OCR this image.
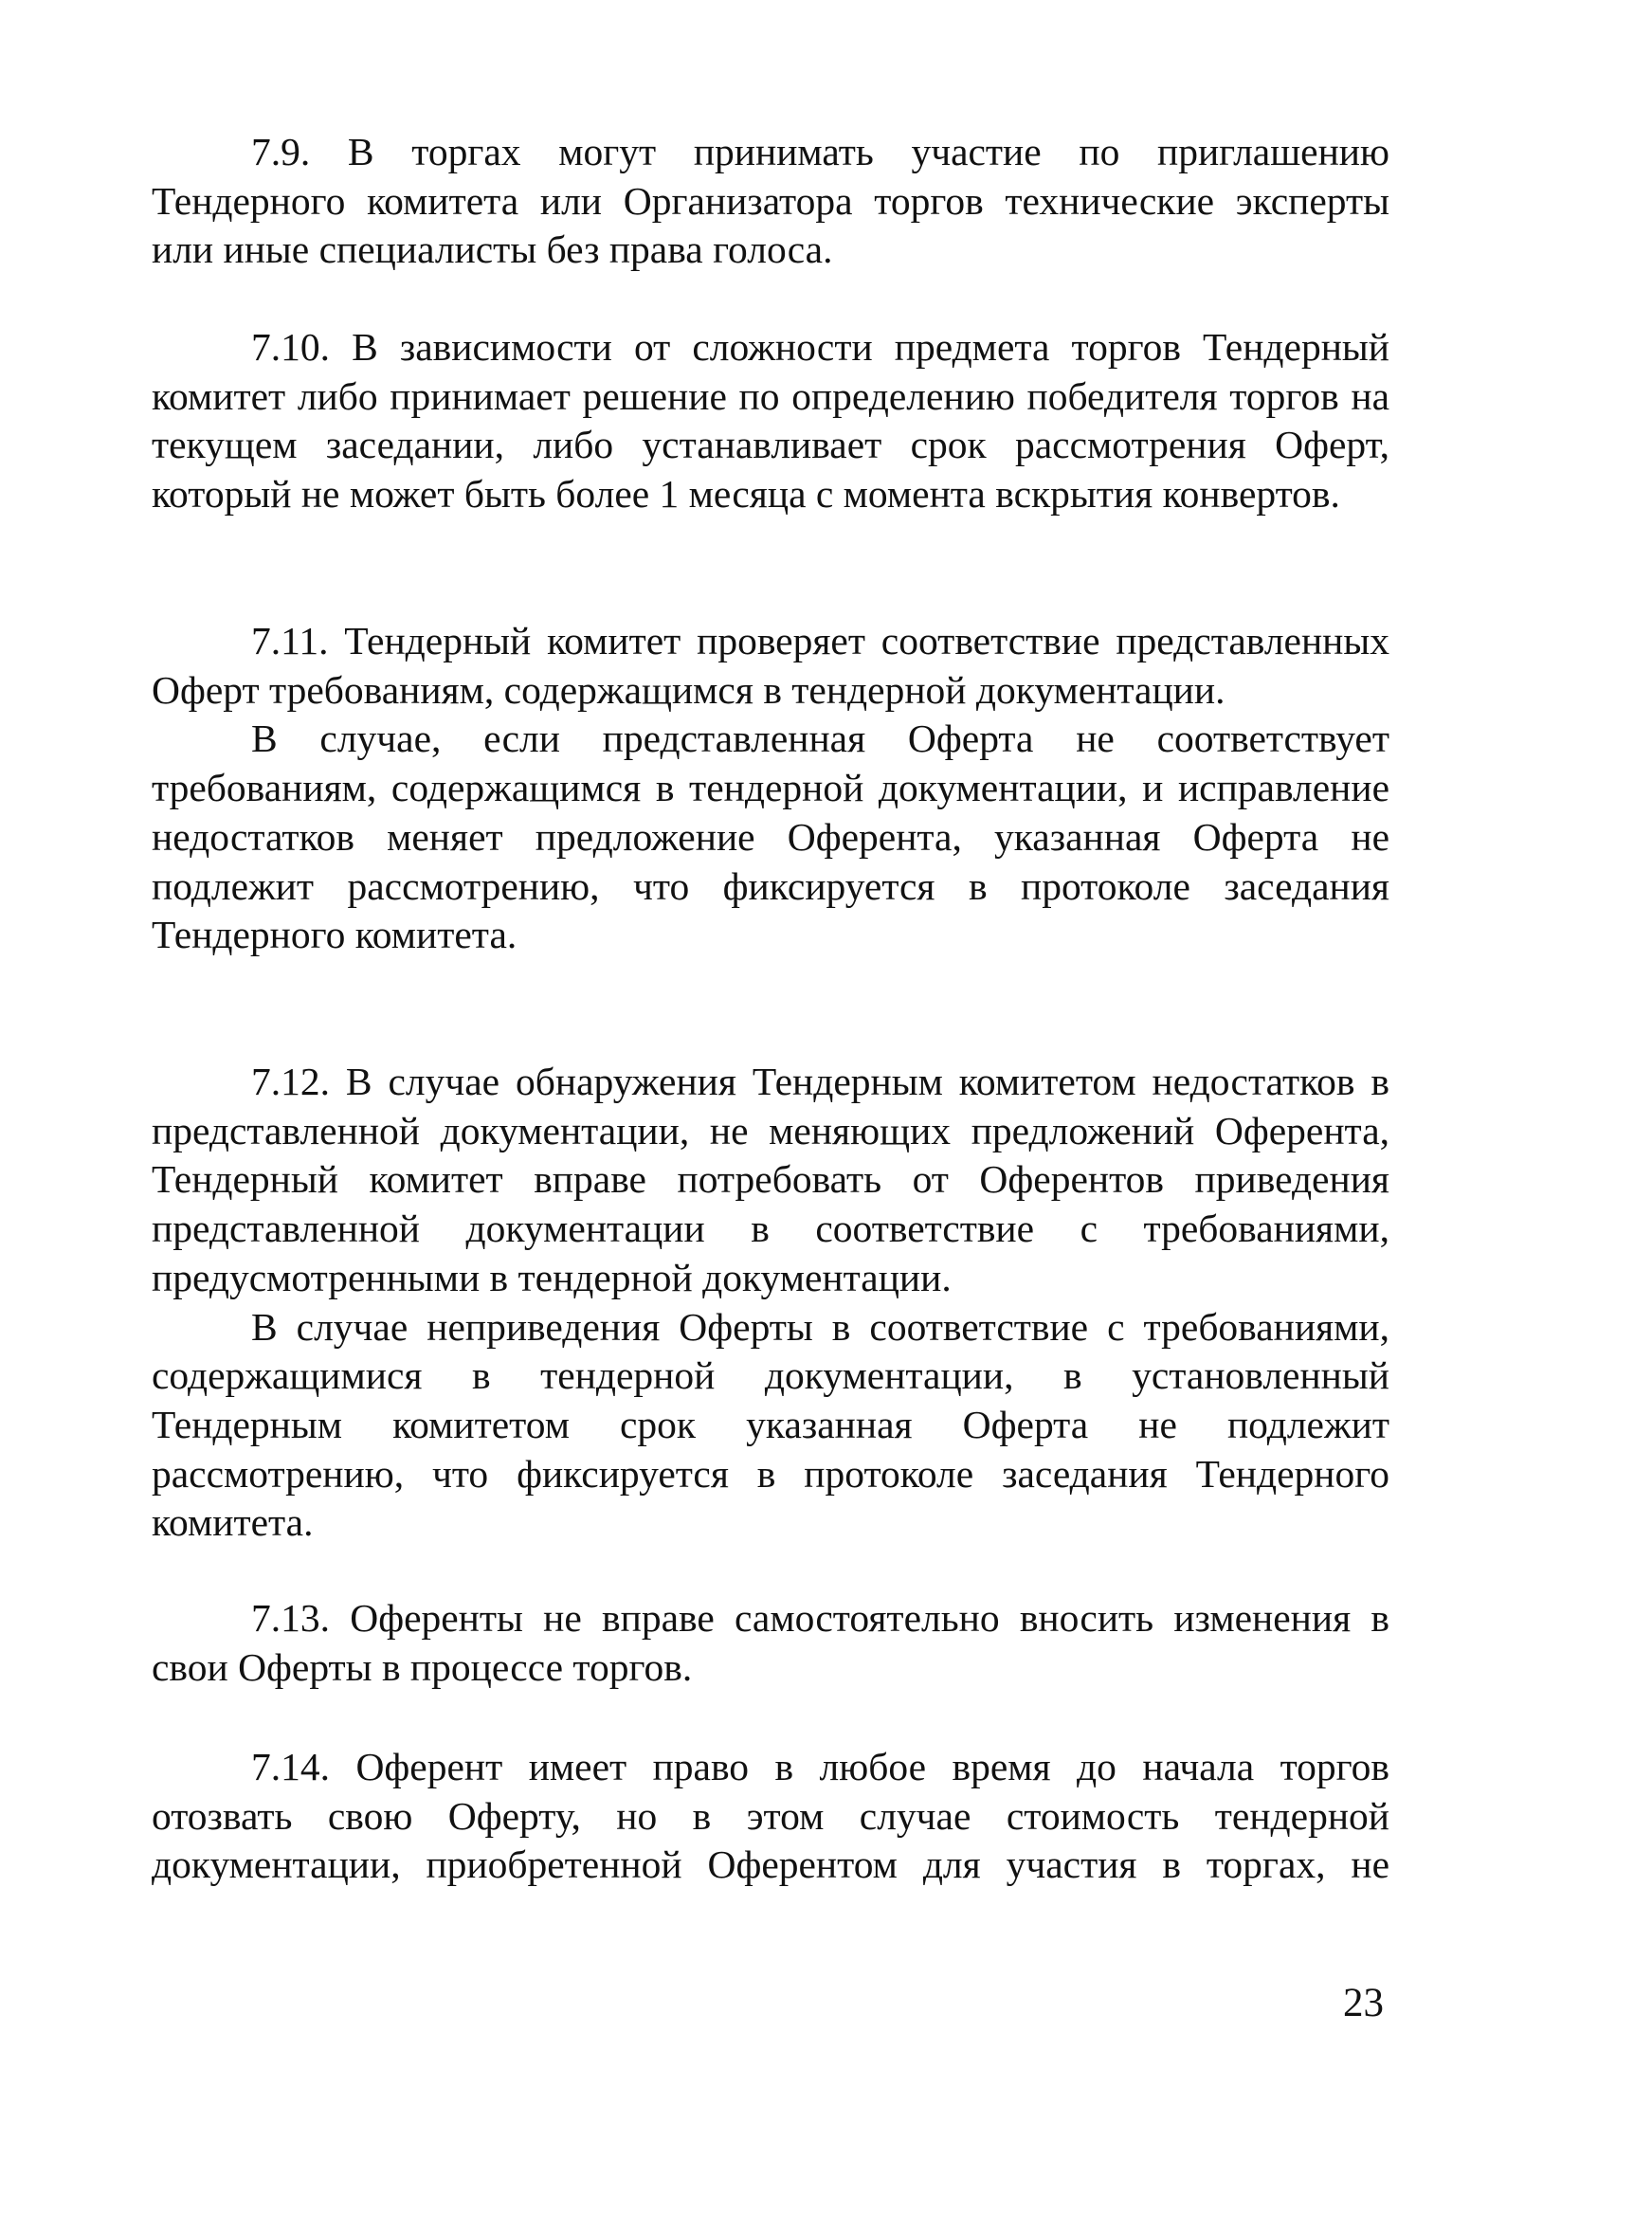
7.9. В торгах могут принимать участие по приглашению Тендерного комитета или Организатора торгов технические эксперты или иные специалисты без права голоса.

7.10. В зависимости от сложности предмета торгов Тендерный комитет либо принимает решение по определению победителя торгов на текущем заседании, либо устанавливает срок рассмотрения Оферт, который не может быть более 1 месяца с момента вскрытия конвертов.

7.11. Тендерный комитет проверяет соответствие представленных Оферт требованиям, содержащимся в тендерной документации.

В случае, если представленная Оферта не соответствует требованиям, содержащимся в тендерной документации, и исправление недостатков меняет предложение Оферента, указанная Оферта не подлежит рассмотрению, что фиксируется в протоколе заседания Тендерного комитета.

7.12. В случае обнаружения Тендерным комитетом недостатков в представленной документации, не меняющих предложений Оферента, Тендерный комитет вправе потребовать от Оферентов приведения представленной документации в соответствие с требованиями, предусмотренными в тендерной документации.

В случае неприведения Оферты в соответствие с требованиями, содержащимися в тендерной документации, в установленный Тендерным комитетом срок указанная Оферта не подлежит рассмотрению, что фиксируется в протоколе заседания Тендерного комитета.

7.13. Оференты не вправе самостоятельно вносить изменения в свои Оферты в процессе торгов.

7.14. Оферент имеет право в любое время до начала торгов отозвать свою Оферту, но в этом случае стоимость тендерной документации, приобретенной Оферентом для участия в торгах, не

23
